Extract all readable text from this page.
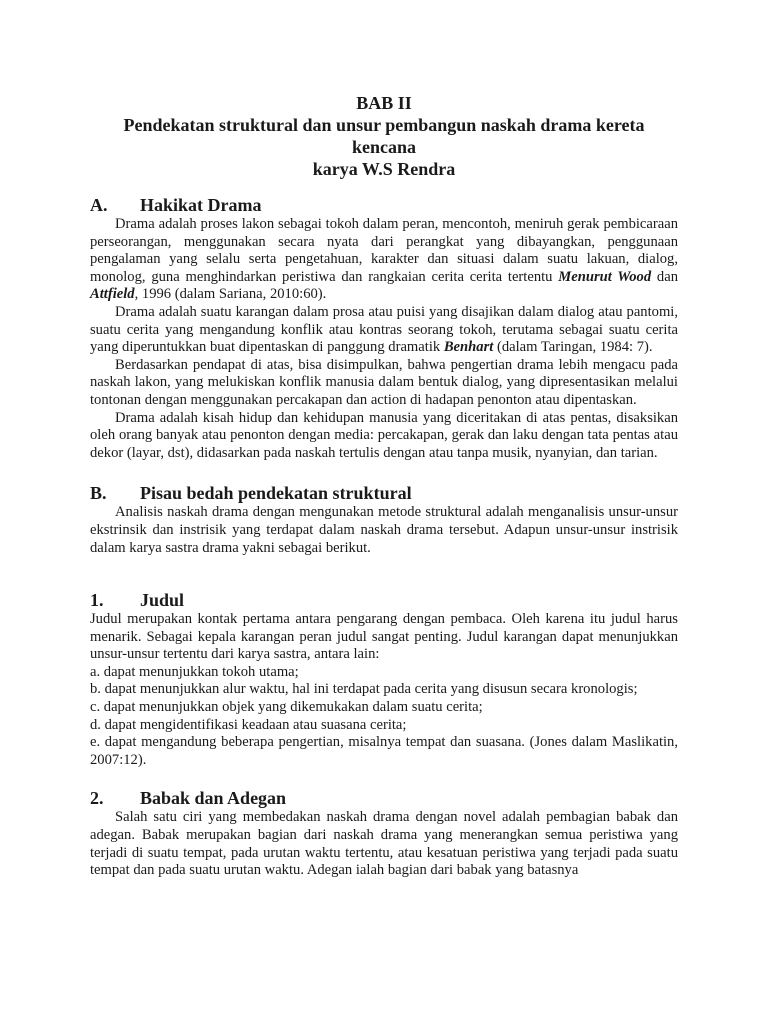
BAB II

Pendekatan struktural dan unsur pembangun naskah drama kereta kencana

karya W.S Rendra

A.	Hakikat Drama

Drama adalah proses lakon sebagai tokoh dalam peran, mencontoh, meniruh gerak pembicaraan perseorangan, menggunakan secara nyata dari perangkat yang dibayangkan, penggunaan pengalaman yang selalu serta pengetahuan, karakter dan situasi dalam suatu lakuan, dialog, monolog, guna menghindarkan peristiwa dan rangkaian cerita cerita tertentu Menurut Wood dan Attfield, 1996 (dalam Sariana, 2010:60).

Drama adalah suatu karangan dalam prosa atau puisi yang disajikan dalam dialog atau pantomi, suatu cerita yang mengandung konflik atau kontras seorang tokoh, terutama sebagai suatu cerita yang diperuntukkan buat dipentaskan di panggung dramatik Benhart (dalam Taringan, 1984: 7).

Berdasarkan pendapat di atas, bisa disimpulkan, bahwa pengertian drama lebih mengacu pada naskah lakon, yang melukiskan konflik manusia dalam bentuk dialog, yang dipresentasikan melalui tontonan dengan menggunakan percakapan dan action di hadapan penonton atau dipentaskan.

Drama adalah kisah hidup dan kehidupan manusia yang diceritakan di atas pentas, disaksikan oleh orang banyak atau penonton dengan media: percakapan, gerak dan laku dengan tata pentas atau dekor (layar, dst), didasarkan pada naskah tertulis dengan atau tanpa musik, nyanyian, dan tarian.

B.	Pisau bedah pendekatan struktural

Analisis naskah drama dengan mengunakan metode struktural adalah menganalisis unsur-unsur ekstrinsik dan instrisik yang terdapat dalam naskah drama tersebut. Adapun unsur-unsur instrisik dalam karya sastra drama yakni sebagai berikut.

1.	Judul

Judul merupakan kontak pertama antara pengarang dengan pembaca. Oleh karena itu judul harus menarik. Sebagai kepala karangan peran judul sangat penting. Judul karangan dapat menunjukkan unsur-unsur tertentu dari karya sastra, antara lain:

a. dapat menunjukkan tokoh utama;

b. dapat menunjukkan alur waktu, hal ini terdapat pada cerita yang disusun secara kronologis;

c. dapat menunjukkan objek yang dikemukakan dalam suatu cerita;

d. dapat mengidentifikasi keadaan atau suasana cerita;

e. dapat mengandung beberapa pengertian, misalnya tempat dan suasana. (Jones dalam Maslikatin, 2007:12).

2.	Babak dan Adegan

Salah satu ciri yang membedakan naskah drama dengan novel adalah pembagian babak dan adegan. Babak merupakan bagian dari naskah drama yang menerangkan semua peristiwa yang terjadi di suatu tempat, pada urutan waktu tertentu, atau kesatuan peristiwa yang terjadi pada suatu tempat dan pada suatu urutan waktu. Adegan ialah bagian dari babak yang batasnya
